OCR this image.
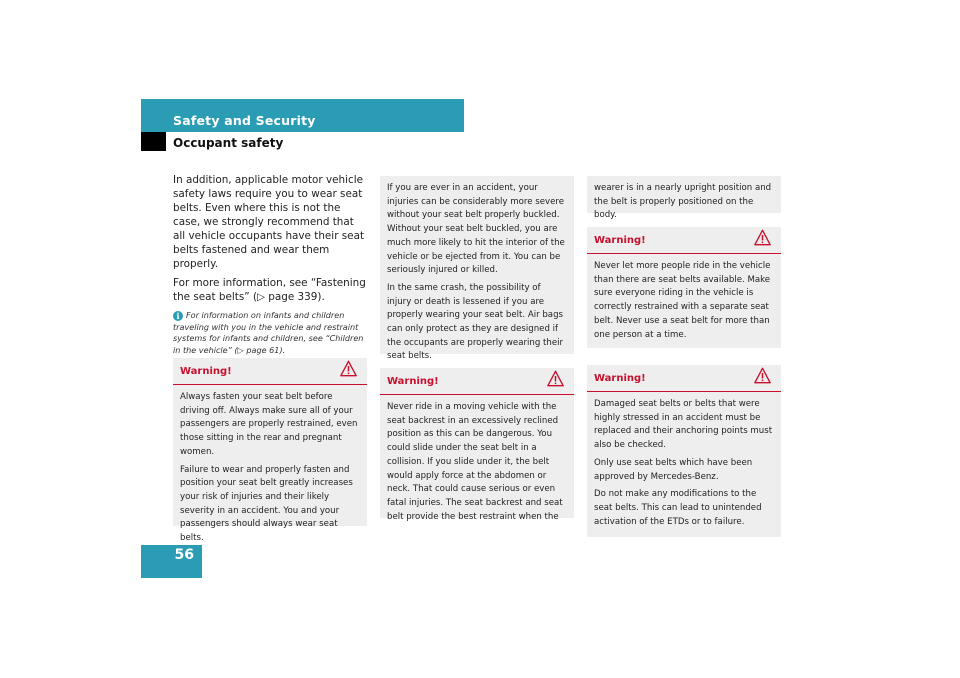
Safety and Security
Occupant safety

In addition, applicable motor vehicle safety laws require you to wear seat belts. Even where this is not the case, we strongly recommend that all vehicle occupants have their seat belts fastened and wear them properly.

For more information, see “Fastening the seat belts” (▷ page 339).

i For information on infants and children traveling with you in the vehicle and restraint systems for infants and children, see “Children in the vehicle” (▷ page 61).
Warning!

Always fasten your seat belt before driving off. Always make sure all of your passengers are properly restrained, even those sitting in the rear and pregnant women.

Failure to wear and properly fasten and position your seat belt greatly increases your risk of injuries and their likely severity in an accident. You and your passengers should always wear seat belts.

If you are ever in an accident, your injuries can be considerably more severe without your seat belt properly buckled. Without your seat belt buckled, you are much more likely to hit the interior of the vehicle or be ejected from it. You can be seriously injured or killed.

In the same crash, the possibility of injury or death is lessened if you are properly wearing your seat belt. Air bags can only protect as they are designed if the occupants are properly wearing their seat belts.

Warning!

Never ride in a moving vehicle with the seat backrest in an excessively reclined position as this can be dangerous. You could slide under the seat belt in a collision. If you slide under it, the belt would apply force at the abdomen or neck. That could cause serious or even fatal injuries. The seat backrest and seat belt provide the best restraint when the

wearer is in a nearly upright position and the belt is properly positioned on the body.

Warning!

Never let more people ride in the vehicle than there are seat belts available. Make sure everyone riding in the vehicle is correctly restrained with a separate seat belt. Never use a seat belt for more than one person at a time.

Warning!

Damaged seat belts or belts that were highly stressed in an accident must be replaced and their anchoring points must also be checked.

Only use seat belts which have been approved by Mercedes-Benz.

Do not make any modifications to the seat belts. This can lead to unintended activation of the ETDs or to failure.

56
